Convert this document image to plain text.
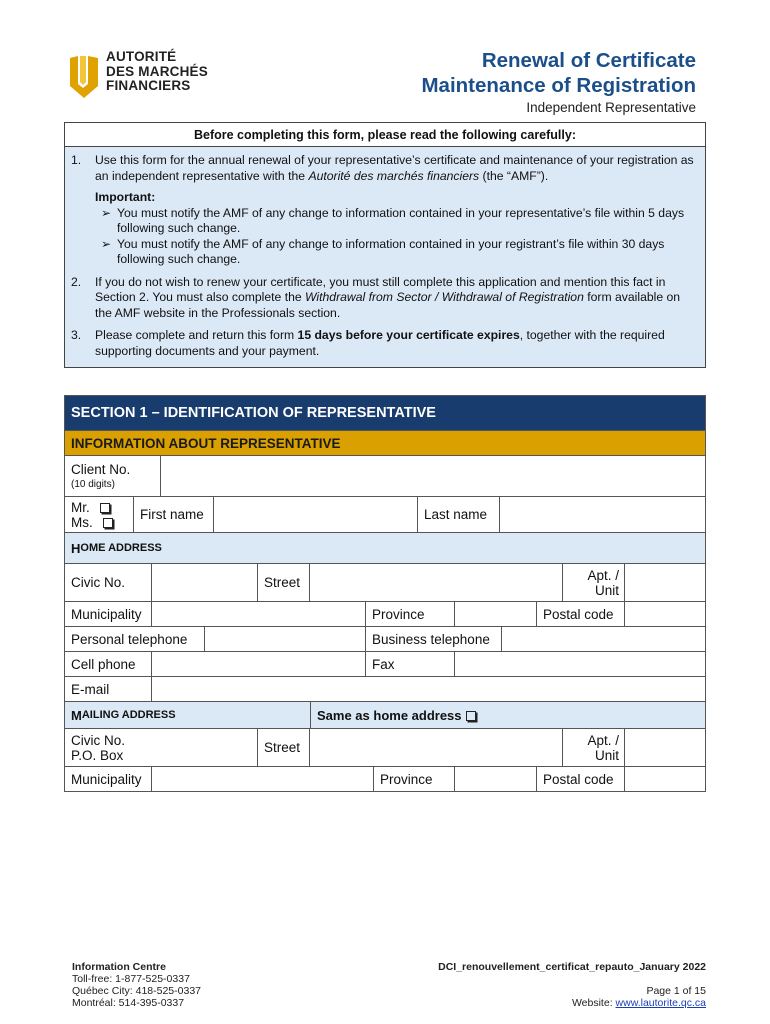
AUTORITÉ
DES MARCHÉS
FINANCIERS
Renewal of Certificate
Maintenance of Registration
Independent Representative
Before completing this form, please read the following carefully:
1. Use this form for the annual renewal of your representative’s certificate and maintenance of your registration as an independent representative with the Autorité des marchés financiers (the “AMF”).
Important:
➢ You must notify the AMF of any change to information contained in your representative’s file within 5 days following such change.
➢ You must notify the AMF of any change to information contained in your registrant’s file within 30 days following such change.
2. If you do not wish to renew your certificate, you must still complete this application and mention this fact in Section 2. You must also complete the Withdrawal from Sector / Withdrawal of Registration form available on the AMF website in the Professionals section.
3. Please complete and return this form 15 days before your certificate expires, together with the required supporting documents and your payment.
SECTION 1 – IDENTIFICATION OF REPRESENTATIVE
INFORMATION ABOUT REPRESENTATIVE
Client No.
(10 digits)
Mr.
Ms.	First name	Last name
H OME ADDRESS
Civic No.	Street	Apt. /
Unit
Municipality	Province	Postal code
Personal telephone	Business telephone
Cell phone	Fax
E-mail
M AILING ADDRESS	Same as home address
Civic No.
P.O. Box	Street	Apt. /
Unit
Municipality	Province	Postal code
Information Centre
Toll-free: 1-877-525-0337
Québec City: 418-525-0337
Montréal: 514-395-0337
DCI_renouvellement_certificat_repauto_January 2022
Page 1 of 15
Website: www.lautorite.qc.ca
